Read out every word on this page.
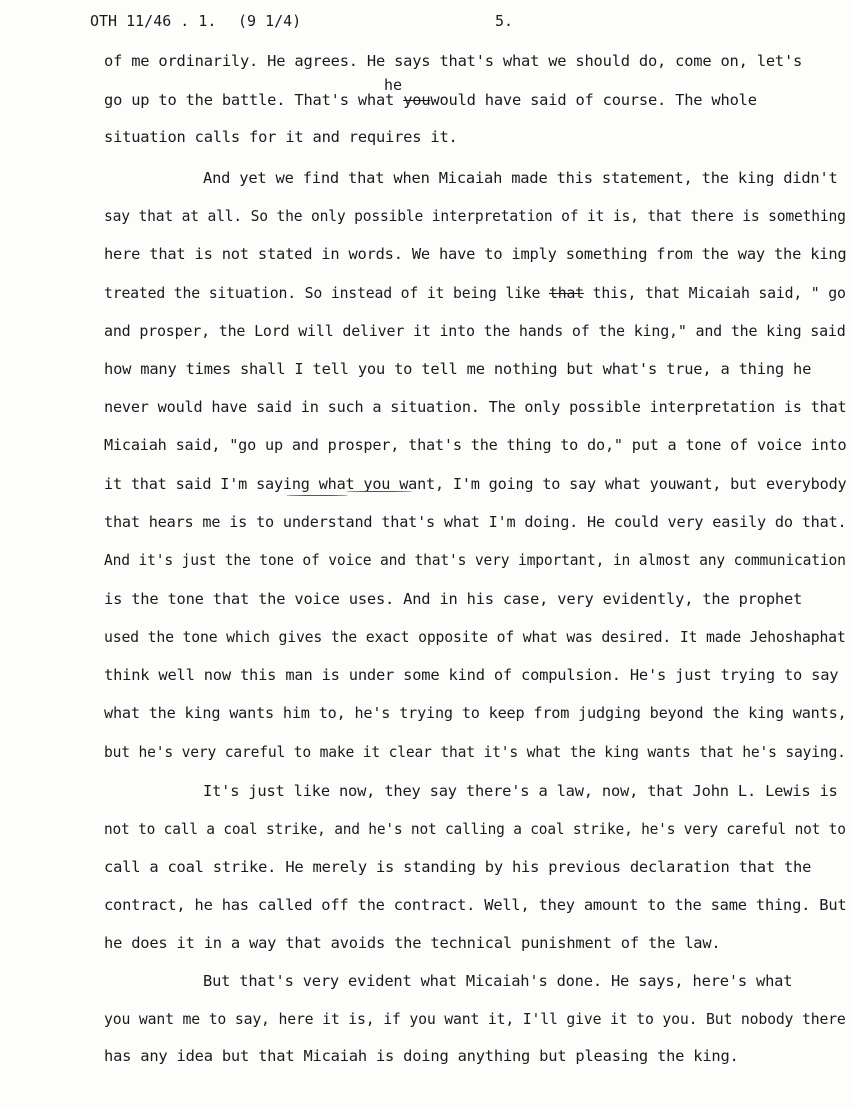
OTH 11/46 . 1. (9 1/4)	5.
of me ordinarily. He agrees. He says that's what we should do, come on, let's
he
go up to the battle. That's what youwould have said of course. The whole
situation calls for it and requires it.
And yet we find that when Micaiah made this statement, the king didn't
say that at all. So the only possible interpretation of it is, that there is something
here that is not stated in words. We have to imply something from the way the king
treated the situation. So instead of it being like that this, that Micaiah said, " go
and prosper, the Lord will deliver it into the hands of the king," and the king said
how many times shall I tell you to tell me nothing but what's true, a thing he
never would have said in such a situation. The only possible interpretation is that
Micaiah said, "go up and prosper, that's the thing to do," put a tone of voice into
it that said I'm saying what you want, I'm going to say what youwant, but everybody
that hears me is to understand that's what I'm doing. He could very easily do that.
And it's just the tone of voice and that's very important, in almost any communication
is the tone that the voice uses. And in his case, very evidently, the prophet
used the tone which gives the exact opposite of what was desired. It made Jehoshaphat
think well now this man is under some kind of compulsion. He's just trying to say
what the king wants him to, he's trying to keep from judging beyond the king wants,
but he's very careful to make it clear that it's what the king wants that he's saying.
It's just like now, they say there's a law, now, that John L. Lewis is
not to call a coal strike, and he's not calling a coal strike, he's very careful not to
call a coal strike. He merely is standing by his previous declaration that the
contract, he has called off the contract. Well, they amount to the same thing. But
he does it in a way that avoids the technical punishment of the law.
But that's very evident what Micaiah's done. He says, here's what
you want me to say, here it is, if you want it, I'll give it to you. But nobody there
has any idea but that Micaiah is doing anything but pleasing the king.
